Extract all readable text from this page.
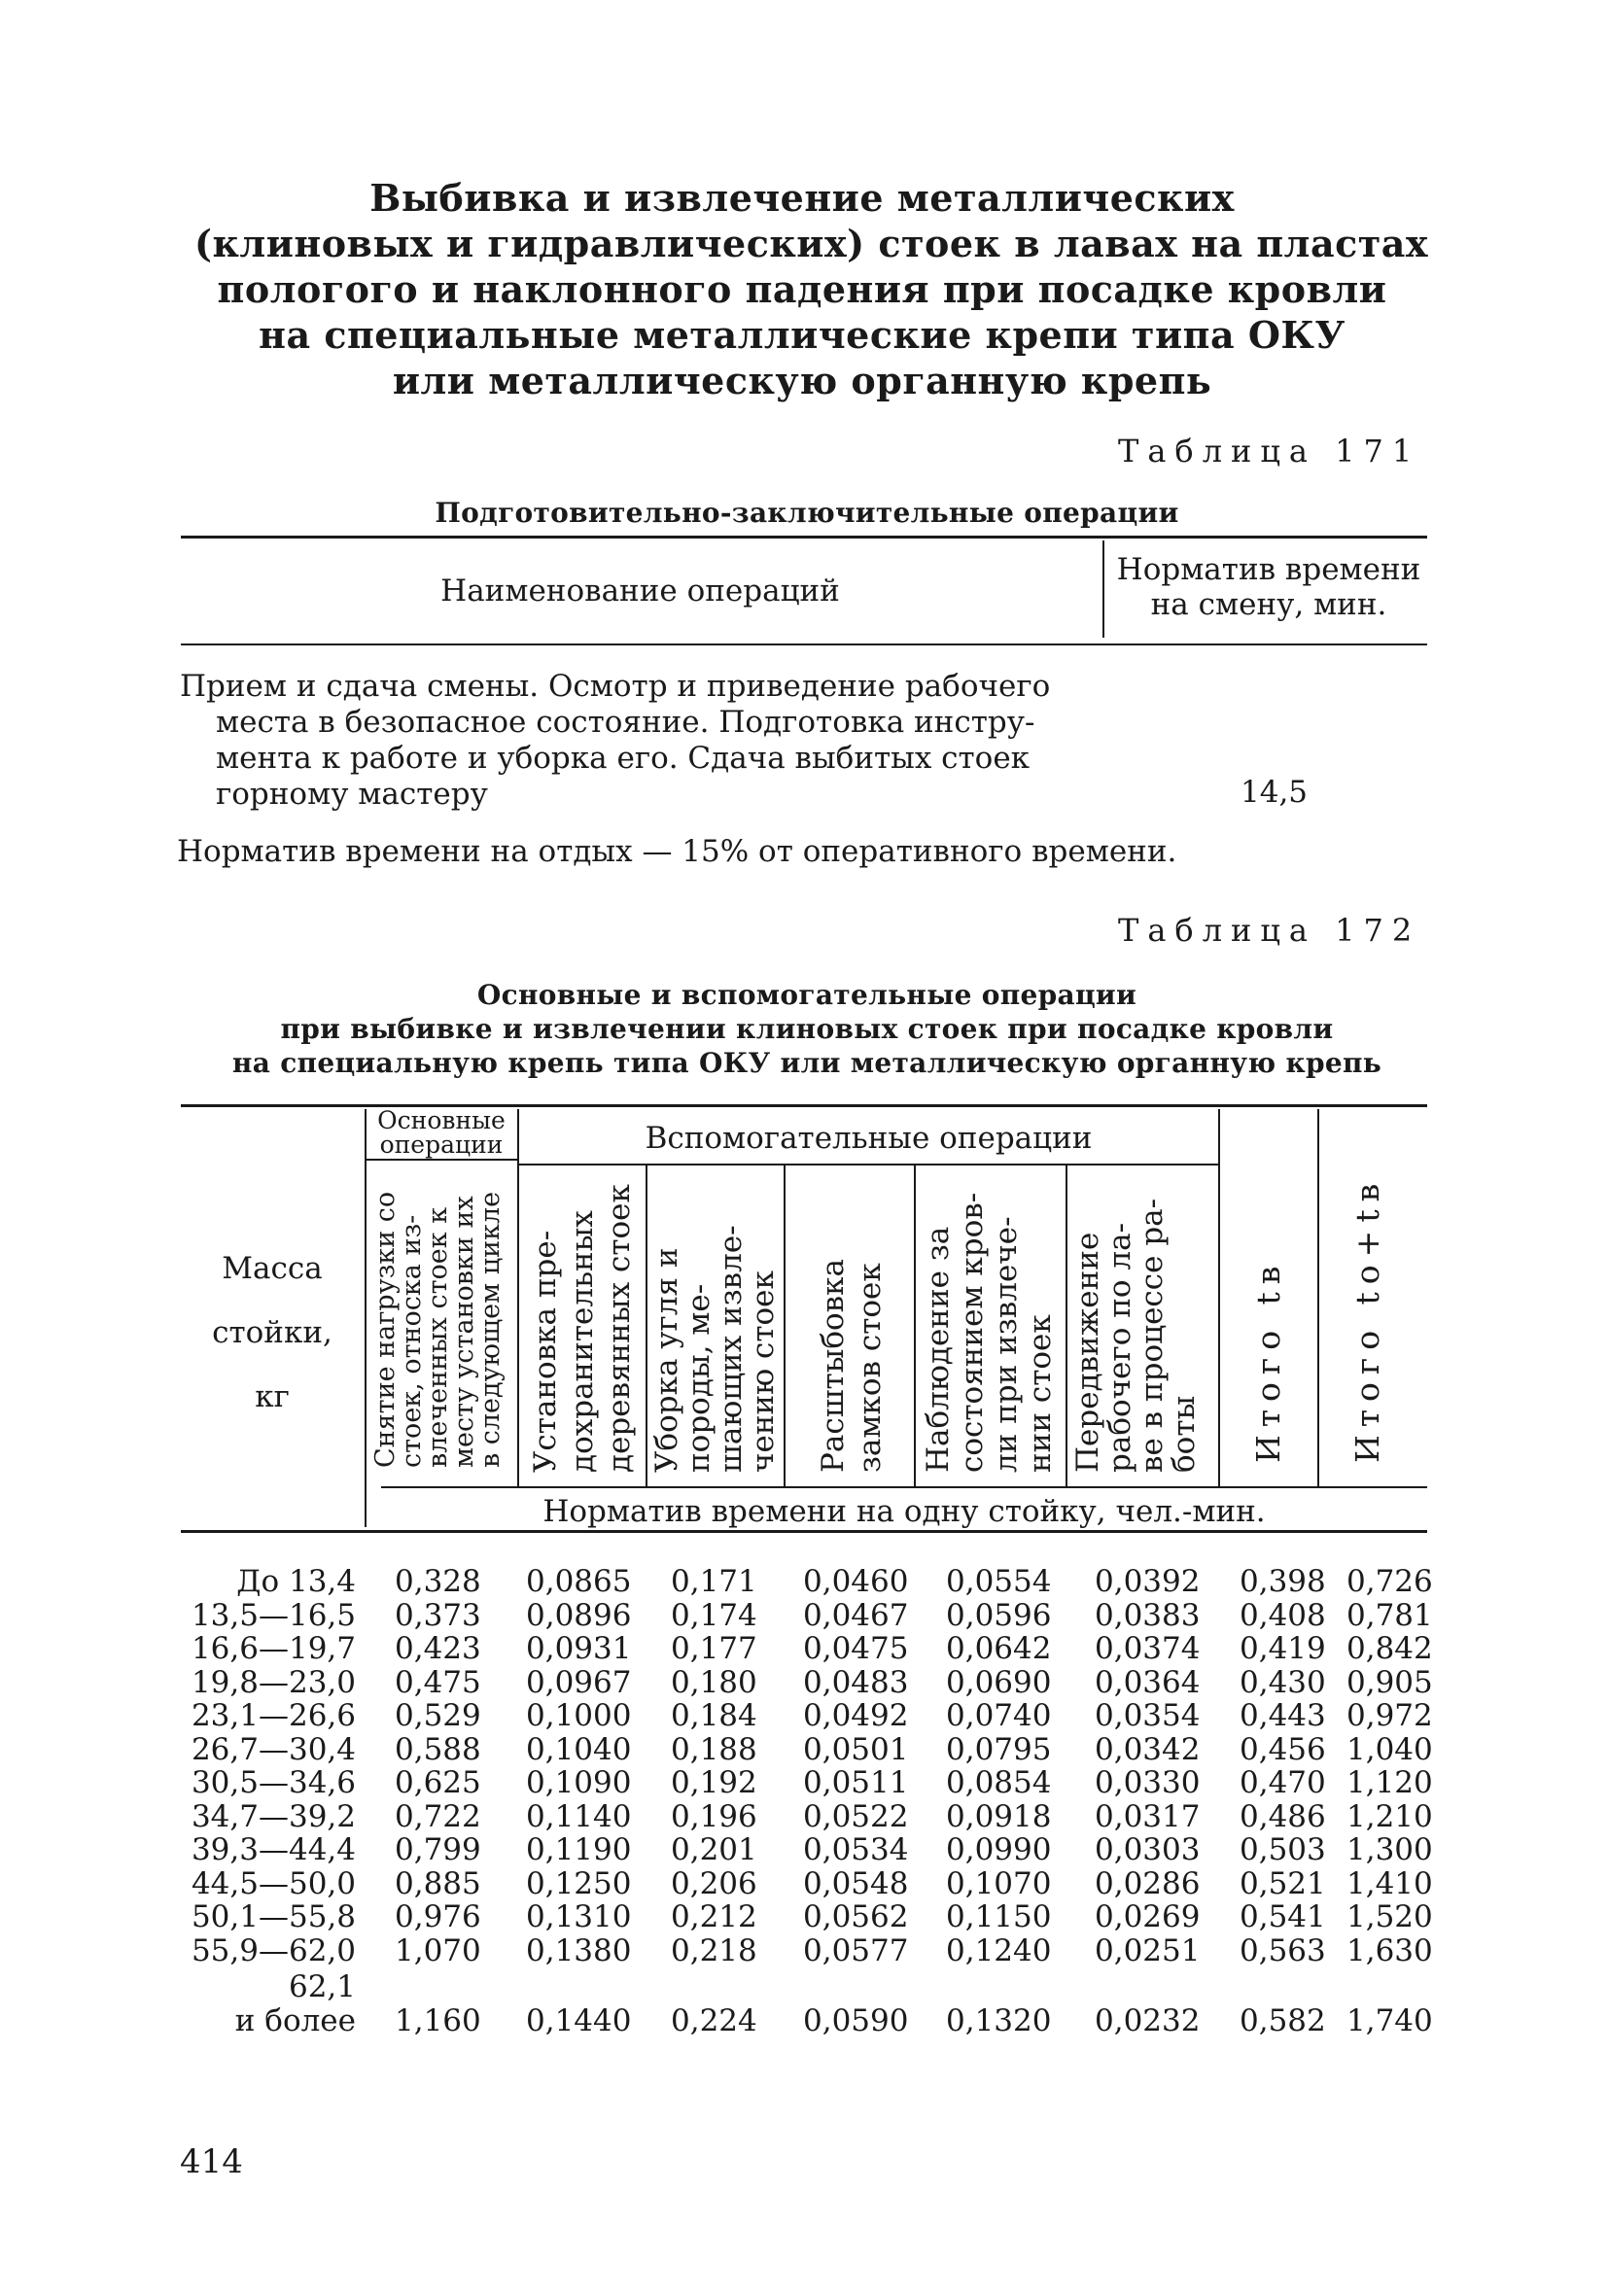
Выбивка и извлечение металлических
(клиновых и гидравлических) стоек в лавах на пластах
пологого и наклонного падения при посадке кровли
на специальные металлические крепи типа ОКУ
или металлическую органную крепь
Таблица 171
Подготовительно-заключительные операции
Наименование операций
Норматив времени
на смену, мин.
Прием и сдача смены. Осмотр и приведение рабочего
места в безопасное состояние. Подготовка инстру-
мента к работе и уборка его. Сдача выбитых стоек
горному мастеру	14,5
Норматив времени на отдых — 15% от оперативного времени.
Таблица 172
Основные и вспомогательные операции
при выбивке и извлечении клиновых стоек при посадке кровли
на специальную крепь типа ОКУ или металлическую органную крепь
Масса
стойки,
кг
Основные
операции	Вспомогательные операции
Снятие нагрузки со
стоек, относка из-
влеченных стоек к
месту установки их
в следующем цикле Установка пре- дохранительных деревянных стоек Уборка угля и
породы, ме-
шающих извле-
чению стоек Расштыбовка замков стоек Наблюдение за состоянием кров- ли при извлече- нии стоек Передвижение
рабочего по ла-
ве в процессе ра-
боты Итого tв Итого tо+tв
Норматив времени на одну стойку, чел.-мин.
До 13,4 0,328 0,0865 0,171 0,0460 0,0554 0,0392 0,398 0,726
13,5—16,5 0,373 0,0896 0,174 0,0467 0,0596 0,0383 0,408 0,781
16,6—19,7 0,423 0,0931 0,177 0,0475 0,0642 0,0374 0,419 0,842
19,8—23,0 0,475 0,0967 0,180 0,0483 0,0690 0,0364 0,430 0,905
23,1—26,6 0,529 0,1000 0,184 0,0492 0,0740 0,0354 0,443 0,972
26,7—30,4 0,588 0,1040 0,188 0,0501 0,0795 0,0342 0,456 1,040
30,5—34,6 0,625 0,1090 0,192 0,0511 0,0854 0,0330 0,470 1,120
34,7—39,2 0,722 0,1140 0,196 0,0522 0,0918 0,0317 0,486 1,210
39,3—44,4 0,799 0,1190 0,201 0,0534 0,0990 0,0303 0,503 1,300
44,5—50,0 0,885 0,1250 0,206 0,0548 0,1070 0,0286 0,521 1,410
50,1—55,8 0,976 0,1310 0,212 0,0562 0,1150 0,0269 0,541 1,520
55,9—62,0 1,070 0,1380 0,218 0,0577 0,1240 0,0251 0,563 1,630
62,1
и более 1,160 0,1440 0,224 0,0590 0,1320 0,0232 0,582 1,740
414
